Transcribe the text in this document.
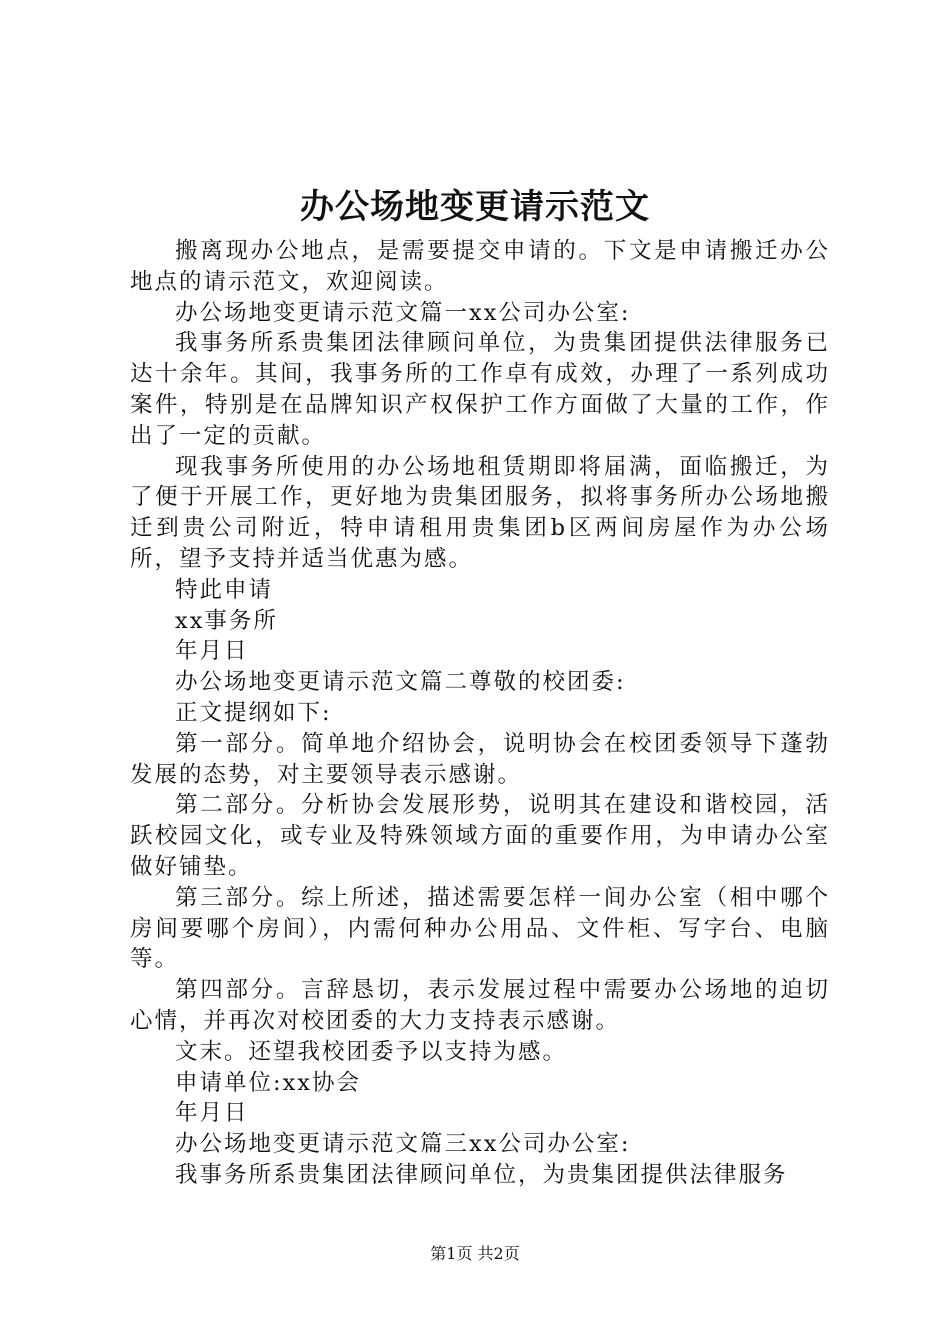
办公场地变更请示范文

搬离现办公地点，是需要提交申请的。下文是申请搬迁办公地点的请示范文，欢迎阅读。

办公场地变更请示范文篇一xx公司办公室:

我事务所系贵集团法律顾问单位，为贵集团提供法律服务已达十余年。其间，我事务所的工作卓有成效，办理了一系列成功案件，特别是在品牌知识产权保护工作方面做了大量的工作，作出了一定的贡献。

现我事务所使用的办公场地租赁期即将届满，面临搬迁，为了便于开展工作，更好地为贵集团服务，拟将事务所办公场地搬迁到贵公司附近，特申请租用贵集团b区两间房屋作为办公场所，望予支持并适当优惠为感。

特此申请

xx事务所

年月日

办公场地变更请示范文篇二尊敬的校团委:

正文提纲如下:

第一部分。简单地介绍协会，说明协会在校团委领导下蓬勃发展的态势，对主要领导表示感谢。

第二部分。分析协会发展形势，说明其在建设和谐校园，活跃校园文化，或专业及特殊领域方面的重要作用，为申请办公室做好铺垫。

第三部分。综上所述，描述需要怎样一间办公室（相中哪个房间要哪个房间），内需何种办公用品、文件柜、写字台、电脑等。

第四部分。言辞恳切，表示发展过程中需要办公场地的迫切心情，并再次对校团委的大力支持表示感谢。

文末。还望我校团委予以支持为感。

申请单位:xx协会

年月日

办公场地变更请示范文篇三xx公司办公室:

我事务所系贵集团法律顾问单位，为贵集团提供法律服务

第1页 共2页
